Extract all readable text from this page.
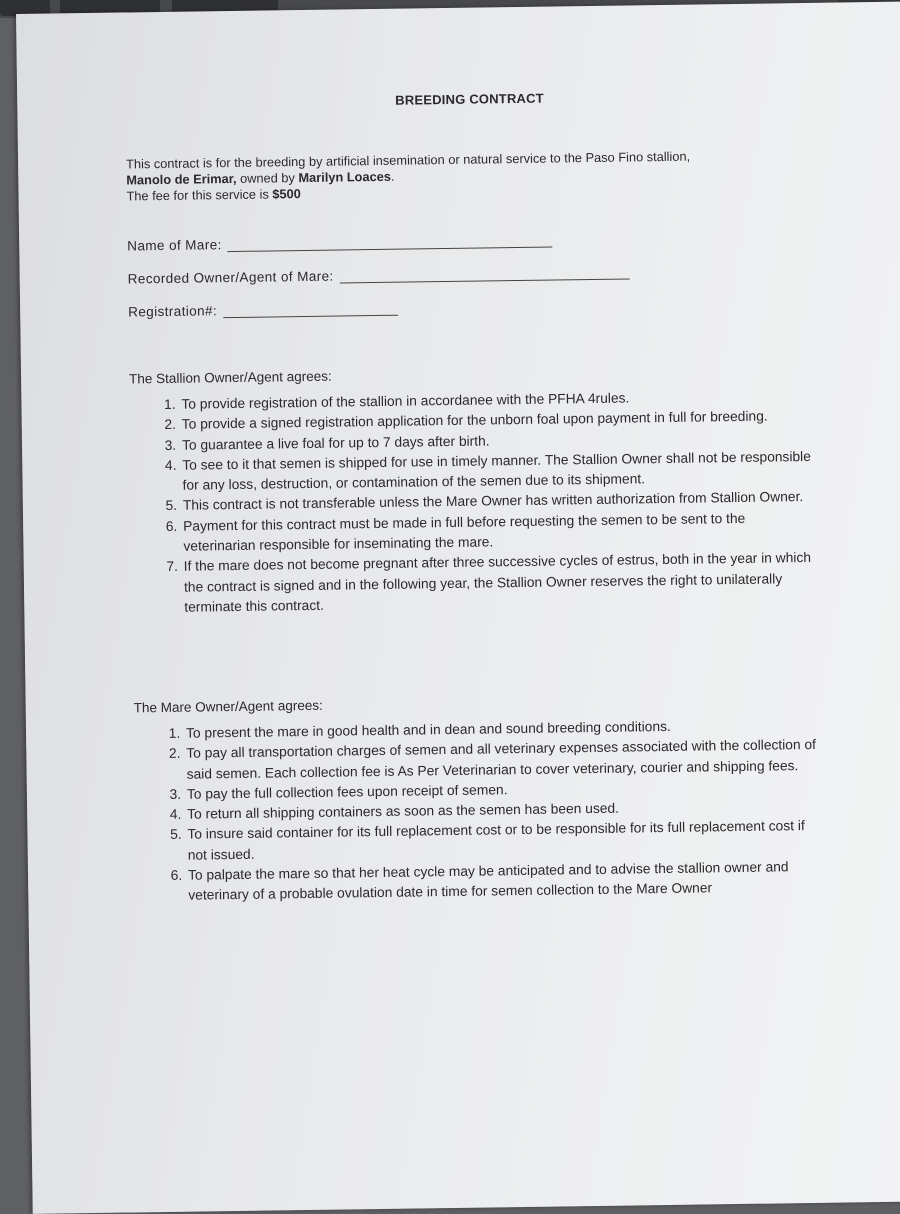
BREEDING CONTRACT
This contract is for the breeding by artificial insemination or natural service to the Paso Fino stallion,
Manolo de Erimar, owned by Marilyn Loaces.
The fee for this service is $500
Name of Mare:
Recorded Owner/Agent of Mare:
Registration#:
The Stallion Owner/Agent agrees:
1. To provide registration of the stallion in accordanee with the PFHA 4rules.
2. To provide a signed registration application for the unborn foal upon payment in full for breeding.
3. To guarantee a live foal for up to 7 days after birth.
4. To see to it that semen is shipped for use in timely manner. The Stallion Owner shall not be responsible for any loss, destruction, or contamination of the semen due to its shipment.
5. This contract is not transferable unless the Mare Owner has written authorization from Stallion Owner.
6. Payment for this contract must be made in full before requesting the semen to be sent to the veterinarian responsible for inseminating the mare.
7. If the mare does not become pregnant after three successive cycles of estrus, both in the year in which the contract is signed and in the following year, the Stallion Owner reserves the right to unilaterally terminate this contract.
The Mare Owner/Agent agrees:
1. To present the mare in good health and in dean and sound breeding conditions.
2. To pay all transportation charges of semen and all veterinary expenses associated with the collection of said semen. Each collection fee is As Per Veterinarian to cover veterinary, courier and shipping fees.
3. To pay the full collection fees upon receipt of semen.
4. To return all shipping containers as soon as the semen has been used.
5. To insure said container for its full replacement cost or to be responsible for its full replacement cost if not issued.
6. To palpate the mare so that her heat cycle may be anticipated and to advise the stallion owner and veterinary of a probable ovulation date in time for semen collection to the Mare Owner
